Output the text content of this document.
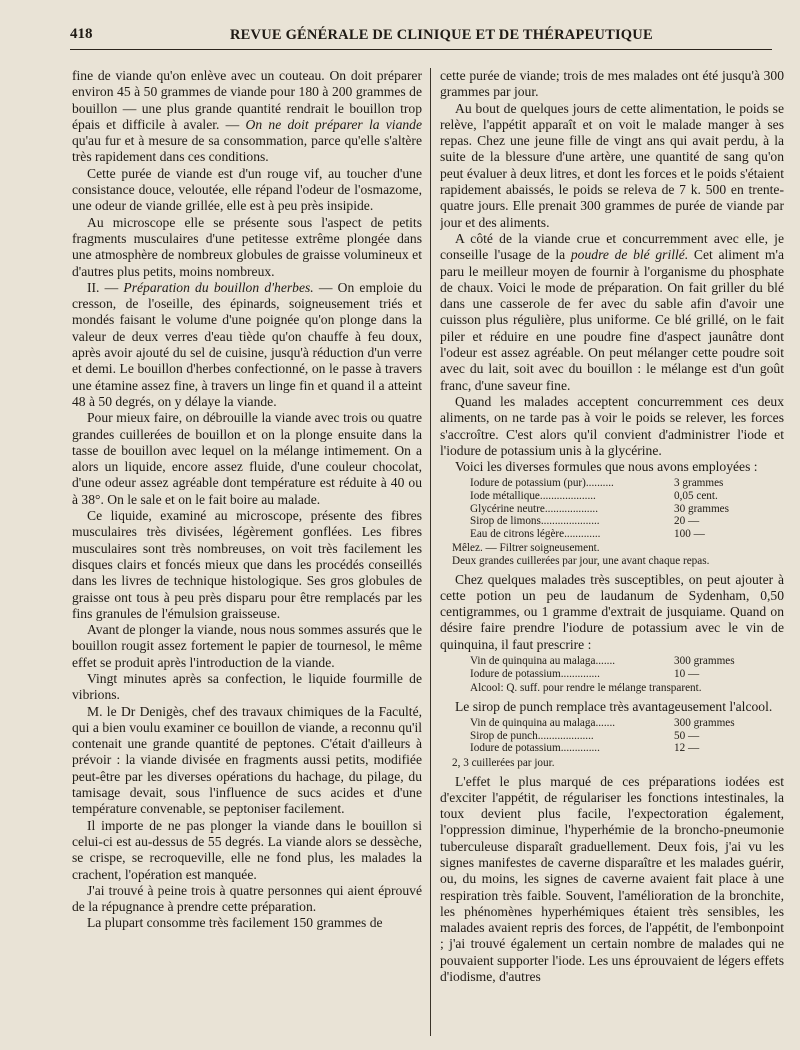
418	REVUE GÉNÉRALE DE CLINIQUE ET DE THÉRAPEUTIQUE

fine de viande qu'on enlève avec un couteau. On doit préparer environ 45 à 50 grammes de viande pour 180 à 200 grammes de bouillon — une plus grande quantité rendrait le bouillon trop épais et difficile à avaler. — On ne doit préparer la viande qu'au fur et à mesure de sa consommation, parce qu'elle s'altère très rapidement dans ces conditions.

Cette purée de viande est d'un rouge vif, au toucher d'une consistance douce, veloutée, elle répand l'odeur de l'osmazome, une odeur de viande grillée, elle est à peu près insipide.

Au microscope elle se présente sous l'aspect de petits fragments musculaires d'une petitesse extrême plongée dans une atmosphère de nombreux globules de graisse volumineux et d'autres plus petits, moins nombreux.

II. — Préparation du bouillon d'herbes. — On emploie du cresson, de l'oseille, des épinards, soigneusement triés et mondés faisant le volume d'une poignée qu'on plonge dans la valeur de deux verres d'eau tiède qu'on chauffe à feu doux, après avoir ajouté du sel de cuisine, jusqu'à réduction d'un verre et demi. Le bouillon d'herbes confectionné, on le passe à travers une étamine assez fine, à travers un linge fin et quand il a atteint 48 à 50 degrés, on y délaye la viande.

Pour mieux faire, on débrouille la viande avec trois ou quatre grandes cuillerées de bouillon et on la plonge ensuite dans la tasse de bouillon avec lequel on la mélange intimement. On a alors un liquide, encore assez fluide, d'une couleur chocolat, d'une odeur assez agréable dont température est réduite à 40 ou à 38°. On le sale et on le fait boire au malade.

Ce liquide, examiné au microscope, présente des fibres musculaires très divisées, légèrement gonflées. Les fibres musculaires sont très nombreuses, on voit très facilement les disques clairs et foncés mieux que dans les procédés conseillés dans les livres de technique histologique. Ses gros globules de graisse ont tous à peu près disparu pour être remplacés par les fins granules de l'émulsion graisseuse.

Avant de plonger la viande, nous nous sommes assurés que le bouillon rougit assez fortement le papier de tournesol, le même effet se produit après l'introduction de la viande.

Vingt minutes après sa confection, le liquide fourmille de vibrions.

M. le Dr Denigès, chef des travaux chimiques de la Faculté, qui a bien voulu examiner ce bouillon de viande, a reconnu qu'il contenait une grande quantité de peptones. C'était d'ailleurs à prévoir : la viande divisée en fragments aussi petits, modifiée peut-être par les diverses opérations du hachage, du pilage, du tamisage devait, sous l'influence de sucs acides et d'une température convenable, se peptoniser facilement.

Il importe de ne pas plonger la viande dans le bouillon si celui-ci est au-dessus de 55 degrés. La viande alors se dessèche, se crispe, se recroqueville, elle ne fond plus, les malades la crachent, l'opération est manquée.

J'ai trouvé à peine trois à quatre personnes qui aient éprouvé de la répugnance à prendre cette préparation.

La plupart consomme très facilement 150 grammes de

cette purée de viande; trois de mes malades ont été jusqu'à 300 grammes par jour.

Au bout de quelques jours de cette alimentation, le poids se relève, l'appétit apparaît et on voit le malade manger à ses repas. Chez une jeune fille de vingt ans qui avait perdu, à la suite de la blessure d'une artère, une quantité de sang qu'on peut évaluer à deux litres, et dont les forces et le poids s'étaient rapidement abaissés, le poids se releva de 7 k. 500 en trente-quatre jours. Elle prenait 300 grammes de purée de viande par jour et des aliments.

A côté de la viande crue et concurremment avec elle, je conseille l'usage de la poudre de blé grillé. Cet aliment m'a paru le meilleur moyen de fournir à l'organisme du phosphate de chaux. Voici le mode de préparation. On fait griller du blé dans une casserole de fer avec du sable afin d'avoir une cuisson plus régulière, plus uniforme. Ce blé grillé, on le fait piler et réduire en une poudre fine d'aspect jaunâtre dont l'odeur est assez agréable. On peut mélanger cette poudre soit avec du lait, soit avec du bouillon : le mélange est d'un goût franc, d'une saveur fine.

Quand les malades acceptent concurremment ces deux aliments, on ne tarde pas à voir le poids se relever, les forces s'accroître. C'est alors qu'il convient d'administrer l'iode et l'iodure de potassium unis à la glycérine.

Voici les diverses formules que nous avons employées :

Iodure de potassium (pur)..........	3 grammes
Iode métallique....................	0,05 cent.
Glycérine neutre...................	30 grammes
Sirop de limons.....................	20 —
Eau de citrons légère.............	100 —
Mêlez. — Filtrer soigneusement.
Deux grandes cuillerées par jour, une avant chaque repas.

Chez quelques malades très susceptibles, on peut ajouter à cette potion un peu de laudanum de Sydenham, 0,50 centigrammes, ou 1 gramme d'extrait de jusquiame. Quand on désire faire prendre l'iodure de potassium avec le vin de quinquina, il faut prescrire :

Vin de quinquina au malaga.......	300 grammes
Iodure de potassium..............	10 —
Alcool: Q. suff. pour rendre le mélange transparent.

Le sirop de punch remplace très avantageusement l'alcool.

Vin de quinquina au malaga.......	300 grammes
Sirop de punch....................	50 —
Iodure de potassium..............	12 —
2, 3 cuillerées par jour.

L'effet le plus marqué de ces préparations iodées est d'exciter l'appétit, de régulariser les fonctions intestinales, la toux devient plus facile, l'expectoration également, l'oppression diminue, l'hyperhémie de la broncho-pneumonie tuberculeuse disparaît graduellement. Deux fois, j'ai vu les signes manifestes de caverne disparaître et les malades guérir, ou, du moins, les signes de caverne avaient fait place à une respiration très faible. Souvent, l'amélioration de la bronchite, les phénomènes hyperhémiques étaient très sensibles, les malades avaient repris des forces, de l'appétit, de l'embonpoint ; j'ai trouvé également un certain nombre de malades qui ne pouvaient supporter l'iode. Les uns éprouvaient de légers effets d'iodisme, d'autres
